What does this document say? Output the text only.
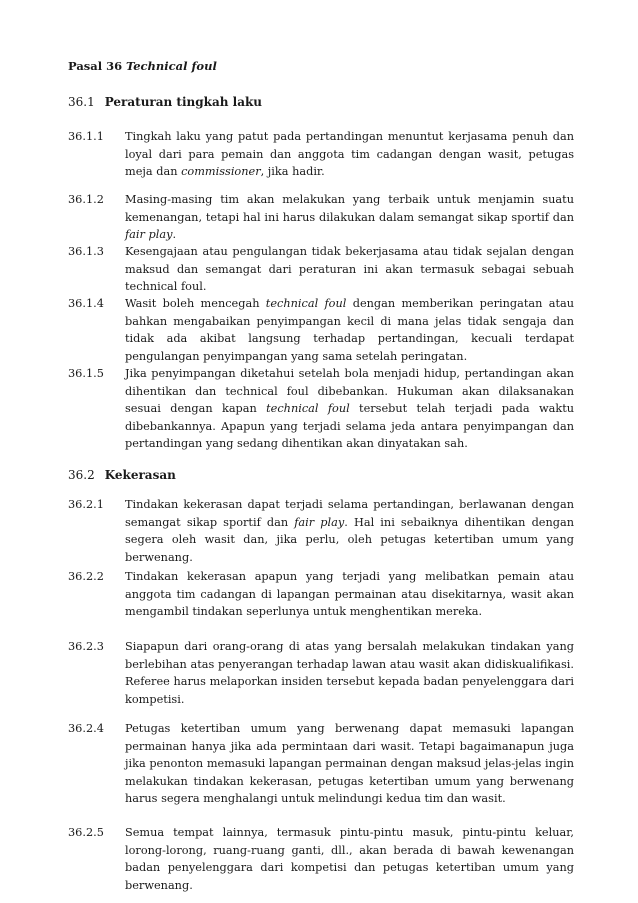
Pasal 36 Technical foul
36.1 Peraturan tingkah laku
36.1.1 Tingkah laku yang patut pada pertandingan menuntut kerjasama penuh dan loyal dari para pemain dan anggota tim cadangan dengan wasit, petugas meja dan commissioner, jika hadir.
36.1.2 Masing-masing tim akan melakukan yang terbaik untuk menjamin suatu kemenangan, tetapi hal ini harus dilakukan dalam semangat sikap sportif dan fair play.
36.1.3 Kesengajaan atau pengulangan tidak bekerjasama atau tidak sejalan dengan maksud dan semangat dari peraturan ini akan termasuk sebagai sebuah technical foul.
36.1.4 Wasit boleh mencegah technical foul dengan memberikan peringatan atau bahkan mengabaikan penyimpangan kecil di mana jelas tidak sengaja dan tidak ada akibat langsung terhadap pertandingan, kecuali terdapat pengulangan penyimpangan yang sama setelah peringatan.
36.1.5 Jika penyimpangan diketahui setelah bola menjadi hidup, pertandingan akan dihentikan dan technical foul dibebankan. Hukuman akan dilaksanakan sesuai dengan kapan technical foul tersebut telah terjadi pada waktu dibebankannya. Apapun yang terjadi selama jeda antara penyimpangan dan pertandingan yang sedang dihentikan akan dinyatakan sah.
36.2 Kekerasan
36.2.1 Tindakan kekerasan dapat terjadi selama pertandingan, berlawanan dengan semangat sikap sportif dan fair play. Hal ini sebaiknya dihentikan dengan segera oleh wasit dan, jika perlu, oleh petugas ketertiban umum yang berwenang.
36.2.2 Tindakan kekerasan apapun yang terjadi yang melibatkan pemain atau anggota tim cadangan di lapangan permainan atau disekitarnya, wasit akan mengambil tindakan seperlunya untuk menghentikan mereka.
36.2.3 Siapapun dari orang-orang di atas yang bersalah melakukan tindakan yang berlebihan atas penyerangan terhadap lawan atau wasit akan didiskualifikasi. Referee harus melaporkan insiden tersebut kepada badan penyelenggara dari kompetisi.
36.2.4 Petugas ketertiban umum yang berwenang dapat memasuki lapangan permainan hanya jika ada permintaan dari wasit. Tetapi bagaimanapun juga jika penonton memasuki lapangan permainan dengan maksud jelas-jelas ingin melakukan tindakan kekerasan, petugas ketertiban umum yang berwenang harus segera menghalangi untuk melindungi kedua tim dan wasit.
36.2.5 Semua tempat lainnya, termasuk pintu-pintu masuk, pintu-pintu keluar, lorong-lorong, ruang-ruang ganti, dll., akan berada di bawah kewenangan badan penyelenggara dari kompetisi dan petugas ketertiban umum yang berwenang.
